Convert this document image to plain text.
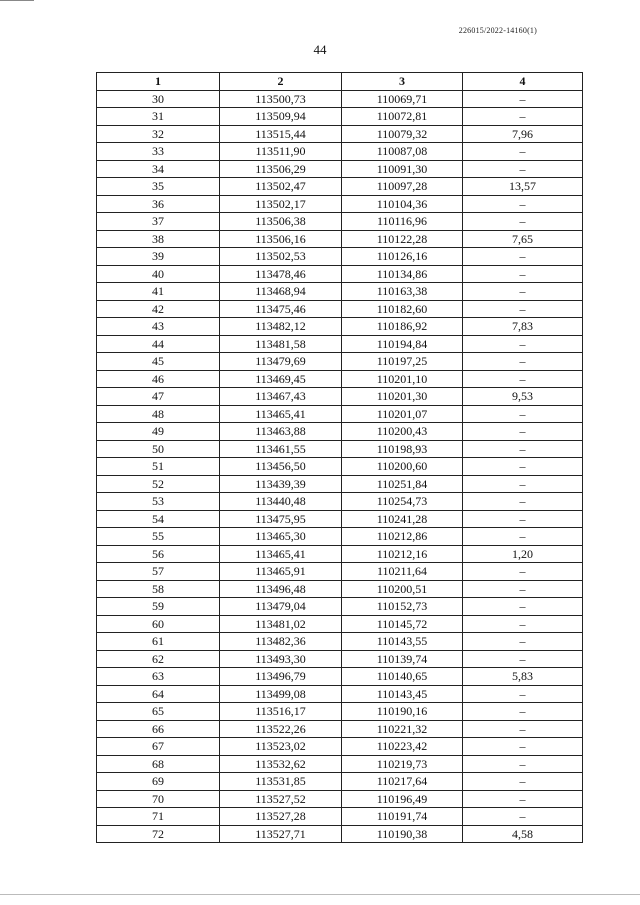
226015/2022-14160(1)
44
1	2	3	4
30	113500,73	110069,71	–
31	113509,94	110072,81	–
32	113515,44	110079,32	7,96
33	113511,90	110087,08	–
34	113506,29	110091,30	–
35	113502,47	110097,28	13,57
36	113502,17	110104,36	–
37	113506,38	110116,96	–
38	113506,16	110122,28	7,65
39	113502,53	110126,16	–
40	113478,46	110134,86	–
41	113468,94	110163,38	–
42	113475,46	110182,60	–
43	113482,12	110186,92	7,83
44	113481,58	110194,84	–
45	113479,69	110197,25	–
46	113469,45	110201,10	–
47	113467,43	110201,30	9,53
48	113465,41	110201,07	–
49	113463,88	110200,43	–
50	113461,55	110198,93	–
51	113456,50	110200,60	–
52	113439,39	110251,84	–
53	113440,48	110254,73	–
54	113475,95	110241,28	–
55	113465,30	110212,86	–
56	113465,41	110212,16	1,20
57	113465,91	110211,64	–
58	113496,48	110200,51	–
59	113479,04	110152,73	–
60	113481,02	110145,72	–
61	113482,36	110143,55	–
62	113493,30	110139,74	–
63	113496,79	110140,65	5,83
64	113499,08	110143,45	–
65	113516,17	110190,16	–
66	113522,26	110221,32	–
67	113523,02	110223,42	–
68	113532,62	110219,73	–
69	113531,85	110217,64	–
70	113527,52	110196,49	–
71	113527,28	110191,74	–
72	113527,71	110190,38	4,58
